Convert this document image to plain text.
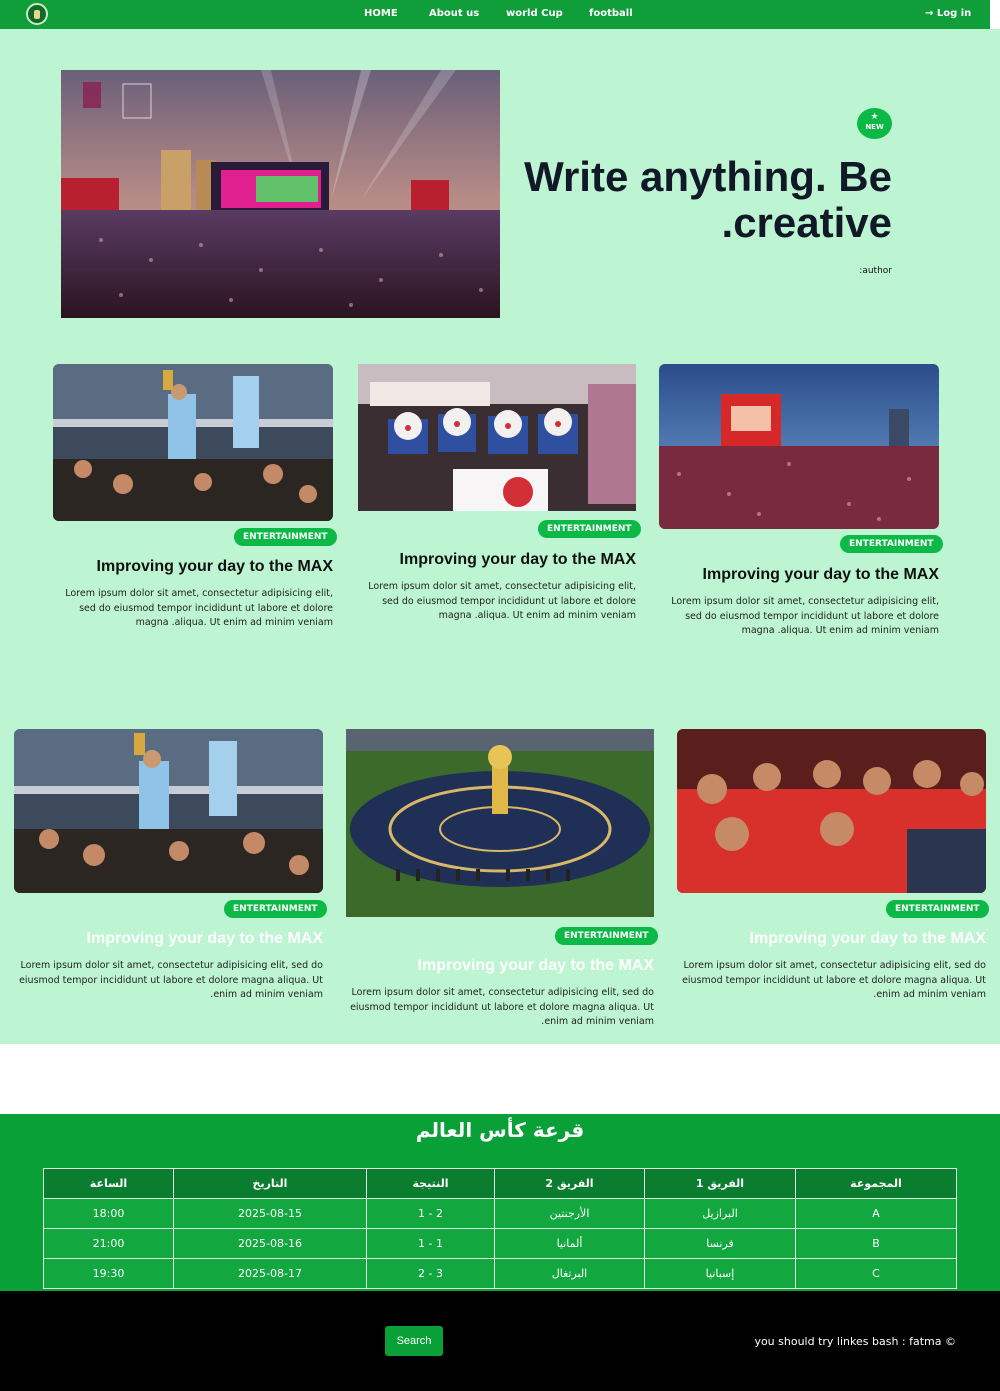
HOME	About us	world Cup	football	→ Log in
★
NEW
Write anything. Be .creative
:author
ENTERTAINMENT
Improving your day to the MAX
Lorem ipsum dolor sit amet, consectetur adipisicing elit, sed do eiusmod tempor incididunt ut labore et dolore magna .aliqua. Ut enim ad minim veniam
ENTERTAINMENT
Improving your day to the MAX
Lorem ipsum dolor sit amet, consectetur adipisicing elit, sed do eiusmod tempor incididunt ut labore et dolore magna .aliqua. Ut enim ad minim veniam
ENTERTAINMENT
Improving your day to the MAX
Lorem ipsum dolor sit amet, consectetur adipisicing elit, sed do eiusmod tempor incididunt ut labore et dolore magna .aliqua. Ut enim ad minim veniam
ENTERTAINMENT
Improving your day to the MAX
Lorem ipsum dolor sit amet, consectetur adipisicing elit, sed do eiusmod tempor incididunt ut labore et dolore magna aliqua. Ut .enim ad minim veniam
ENTERTAINMENT
Improving your day to the MAX
Lorem ipsum dolor sit amet, consectetur adipisicing elit, sed do eiusmod tempor incididunt ut labore et dolore magna aliqua. Ut .enim ad minim veniam
ENTERTAINMENT
Improving your day to the MAX
Lorem ipsum dolor sit amet, consectetur adipisicing elit, sed do eiusmod tempor incididunt ut labore et dolore magna aliqua. Ut .enim ad minim veniam
قرعة كأس العالم
الساعة	التاريخ	النتيجة	الفريق 2	الفريق 1	المجموعة
18:00	2025-08-15	1 - 2	الأرجنتين	البرازيل	A
21:00	2025-08-16	1 - 1	ألمانيا	فرنسا	B
19:30	2025-08-17	2 - 3	البرتغال	إسبانيا	C
Search	you should try linkes bash : fatma ©
